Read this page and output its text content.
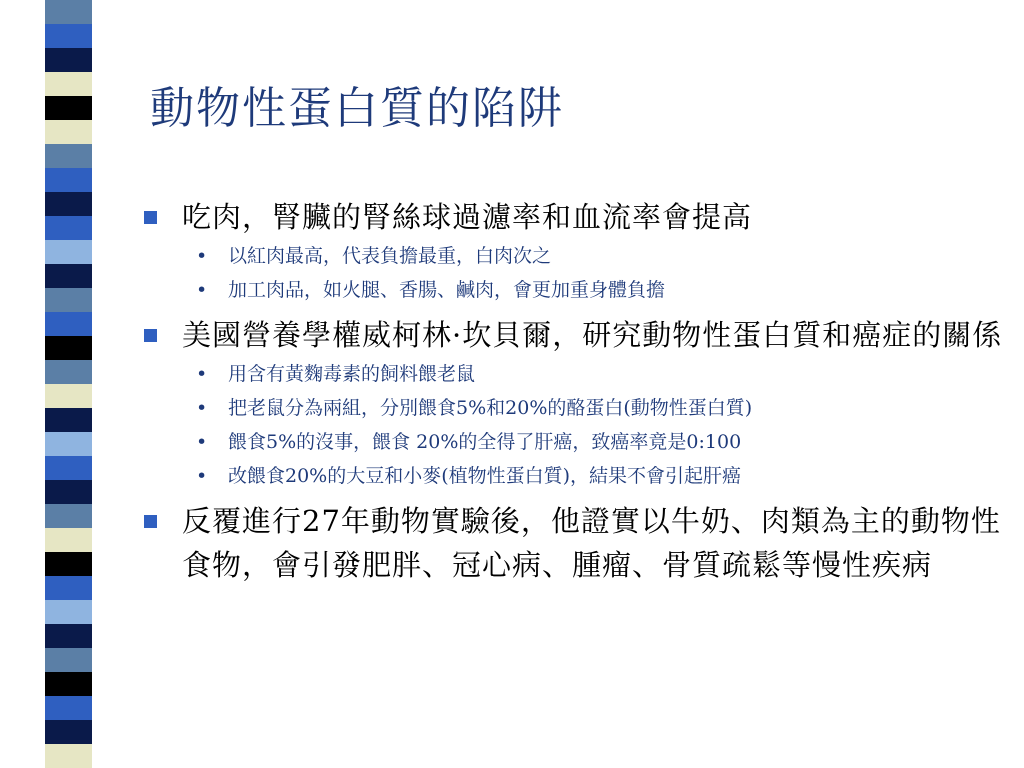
動物性蛋白質的陷阱
吃肉，腎臟的腎絲球過濾率和血流率會提高
• 以紅肉最高，代表負擔最重，白肉次之
• 加工肉品，如火腿、香腸、鹹肉，會更加重身體負擔
美國營養學權威柯林·坎貝爾，研究動物性蛋白質和癌症的關係
• 用含有黃麴毒素的飼料餵老鼠
• 把老鼠分為兩組，分別餵食5%和20%的酪蛋白(動物性蛋白質)
• 餵食5%的沒事，餵食 20%的全得了肝癌，致癌率竟是0:100
• 改餵食20%的大豆和小麥(植物性蛋白質)，結果不會引起肝癌
反覆進行27年動物實驗後，他證實以牛奶、肉類為主的動物性食物，會引發肥胖、冠心病、腫瘤、骨質疏鬆等慢性疾病
